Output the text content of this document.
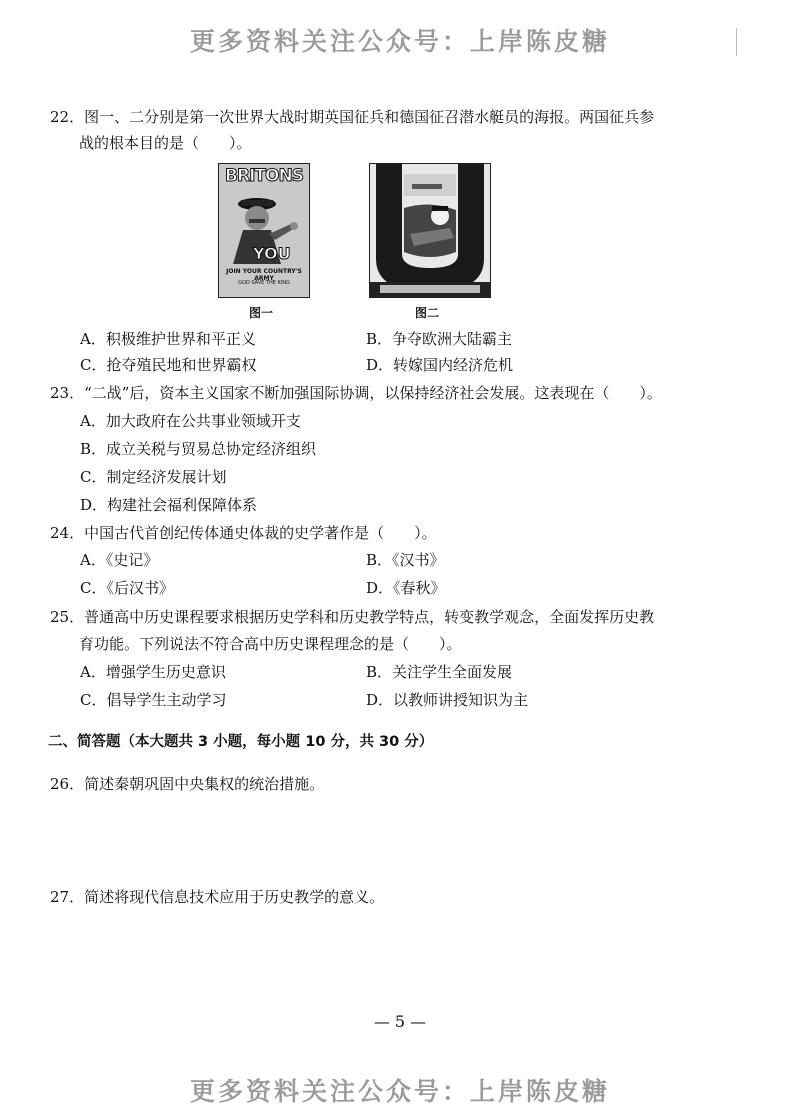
更多资料关注公众号：上岸陈皮糖
22．图一、二分别是第一次世界大战时期英国征兵和德国征召潜水艇员的海报。两国征兵参
战的根本目的是（　　）。
BRITONS
YOU
JOIN YOUR COUNTRY'S ARMY
GOD SAVE THE KING
图一	图二
A．积极维护世界和平正义	B．争夺欧洲大陆霸主
C．抢夺殖民地和世界霸权	D．转嫁国内经济危机
23．“二战”后，资本主义国家不断加强国际协调，以保持经济社会发展。这表现在（　　）。
A．加大政府在公共事业领域开支
B．成立关税与贸易总协定经济组织
C．制定经济发展计划
D．构建社会福利保障体系
24．中国古代首创纪传体通史体裁的史学著作是（　　）。
A．《史记》	B．《汉书》
C．《后汉书》	D．《春秋》
25．普通高中历史课程要求根据历史学科和历史教学特点，转变教学观念，全面发挥历史教
育功能。下列说法不符合高中历史课程理念的是（　　）。
A．增强学生历史意识	B．关注学生全面发展
C．倡导学生主动学习	D．以教师讲授知识为主
二、简答题（本大题共 3 小题，每小题 10 分，共 30 分）
26．简述秦朝巩固中央集权的统治措施。
27．简述将现代信息技术应用于历史教学的意义。
— 5 —
更多资料关注公众号：上岸陈皮糖
